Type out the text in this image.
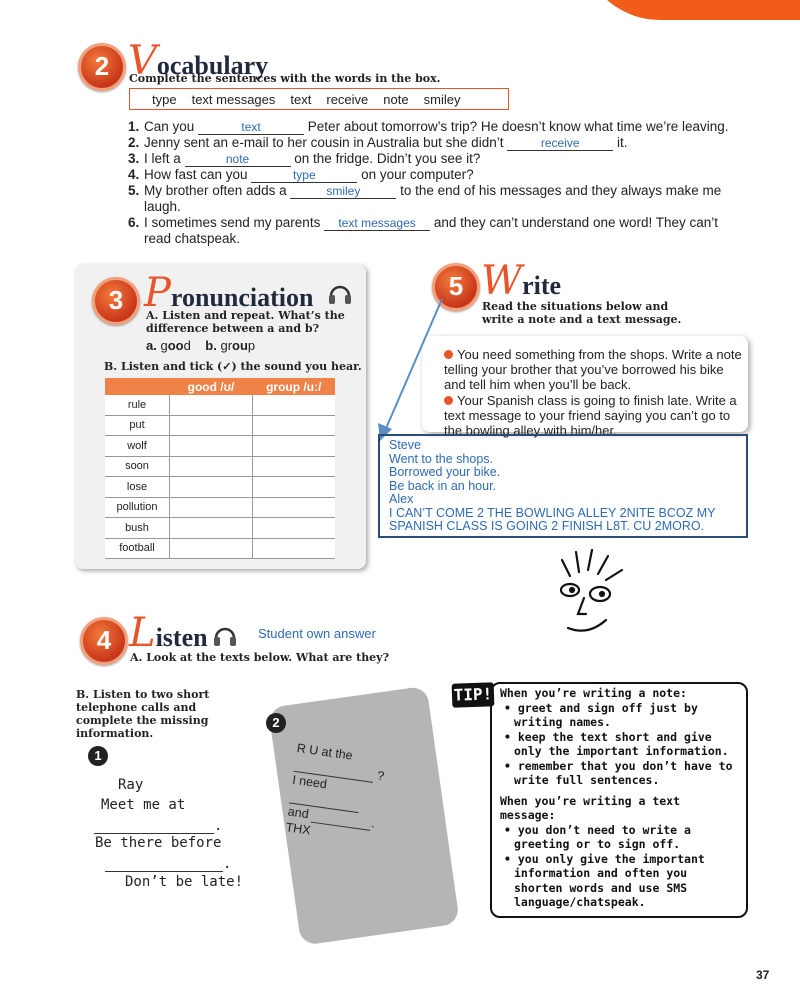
2 Vocabulary
Complete the sentences with the words in the box.
type text messages text receive note smiley
1. Can you	text	Peter about tomorrow’s trip? He doesn’t know what time we’re leaving.
2. Jenny sent an e-mail to her cousin in Australia but she didn’t	receive it.
3. I left a	note	on the fridge. Didn’t you see it?
4. How fast can you	type	on your computer?
5. My brother often adds a	smiley	to the end of his messages and they always make me laugh.
6. I sometimes send my parents text messages and they can’t understand one word! They can’t read chatspeak.
3 Pronunciation
A. Listen and repeat. What’s the difference between a and b?
a. good b. group
B. Listen and tick (✓) the sound you hear.
	good /ʊ/	group /uː/
rule		
put		
wolf		
soon		
lose		
pollution		
bush		
football		
5 Write
Read the situations below and write a note and a text message.
You need something from the shops. Write a note telling your brother that you’ve borrowed his bike and tell him when you’ll be back.
Your Spanish class is going to finish late. Write a text message to your friend saying you can’t go to the bowling alley with him/her.
Steve
Went to the shops.
Borrowed your bike.
Be back in an hour.
Alex
I CAN’T COME 2 THE BOWLING ALLEY 2NITE BCOZ MY SPANISH CLASS IS GOING 2 FINISH L8T. CU 2MORO.
4 Listen	Student own answer
A. Look at the texts below. What are they?
B. Listen to two short telephone calls and complete the missing information.
1
Ray
Meet me at
.
Be there before
.
Don’t be late!
2
R U at the
?
I need

and  .
THX
TIP! When you’re writing a note:
• greet and sign off just by writing names.
• keep the text short and give only the important information.
• remember that you don’t have to write full sentences.
When you’re writing a text message:
• you don’t need to write a greeting or to sign off.
• you only give the important information and often you shorten words and use SMS language/chatspeak.
37
